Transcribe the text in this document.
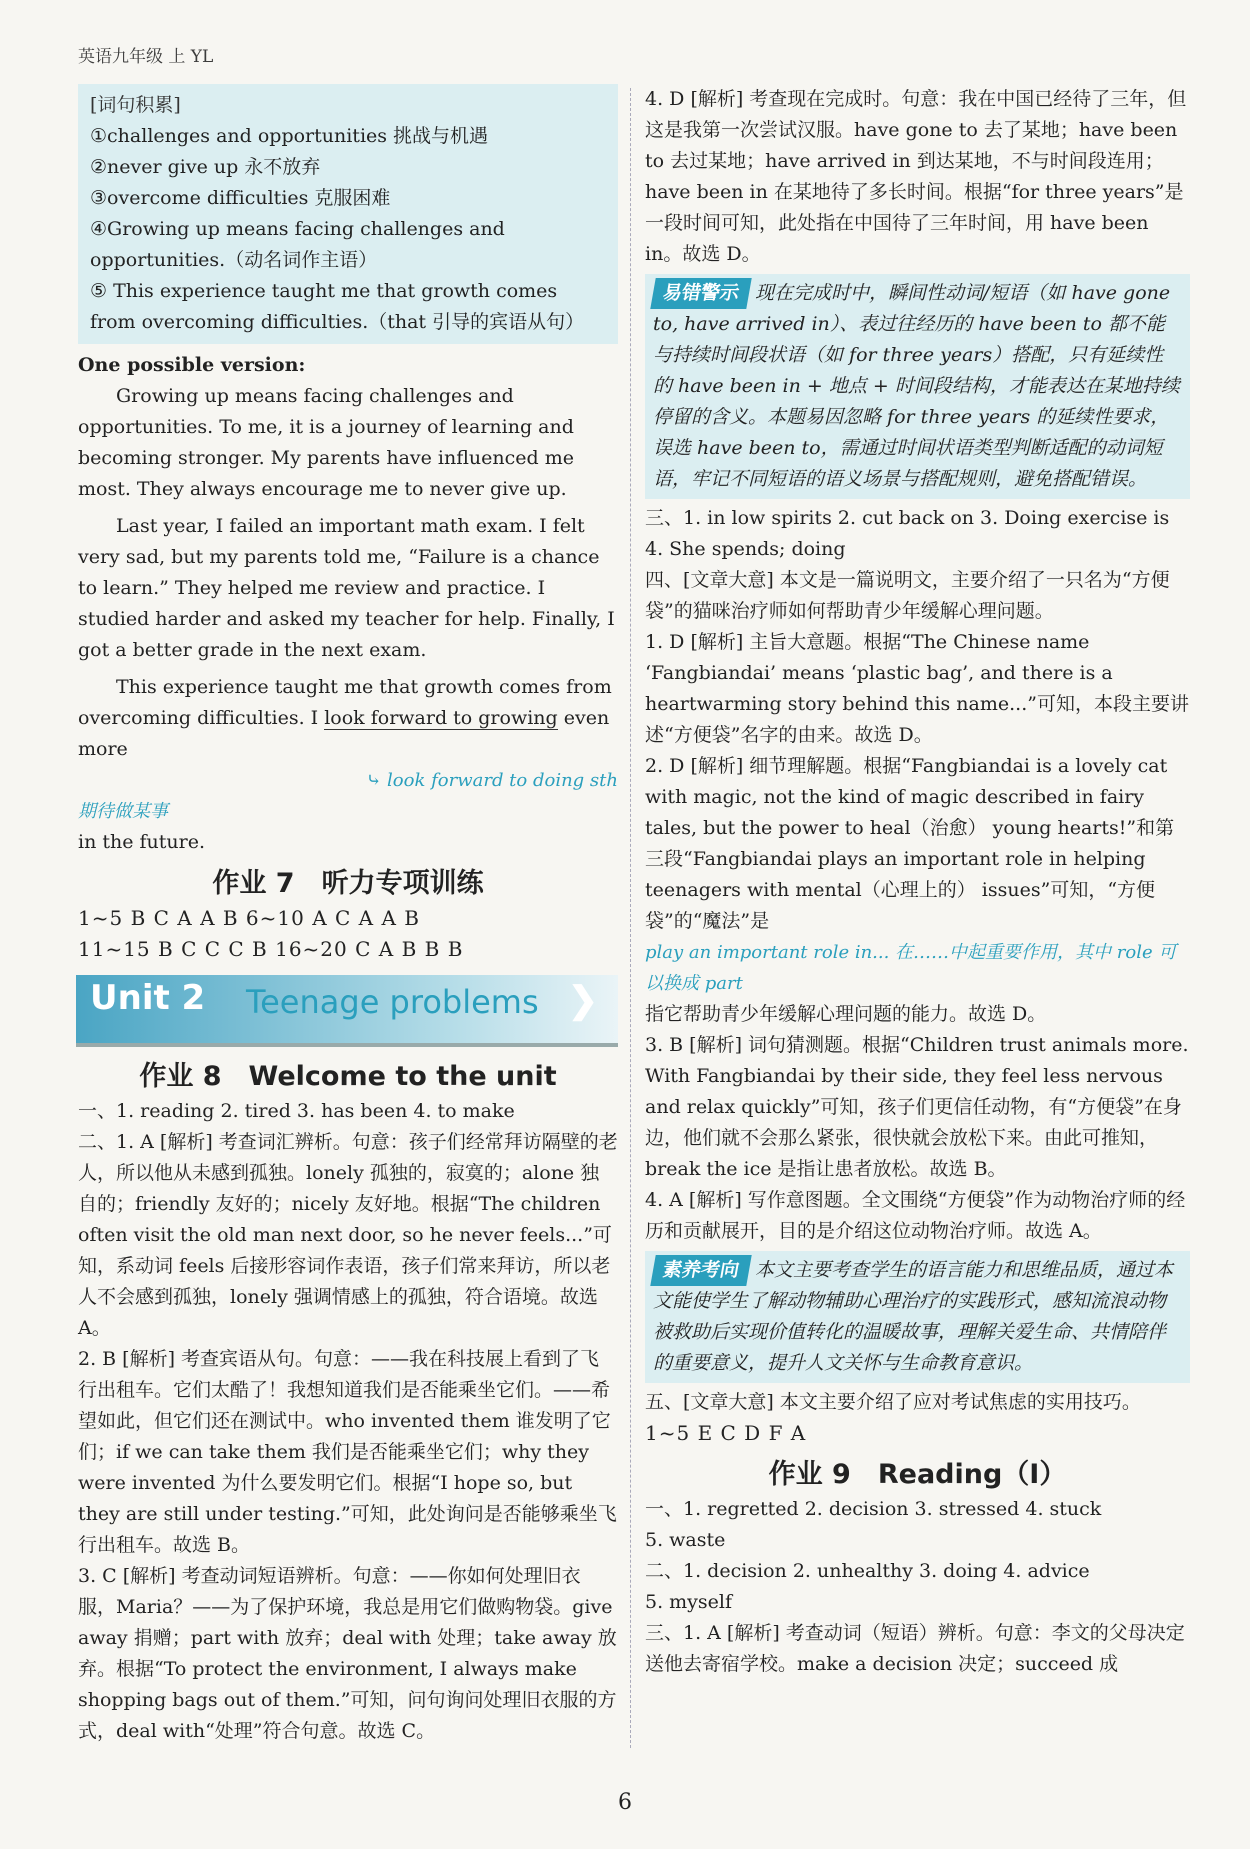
英语九年级 上 YL
[词句积累]
①challenges and opportunities 挑战与机遇
②never give up 永不放弃
③overcome difficulties 克服困难
④Growing up means facing challenges and opportunities.（动名词作主语）
⑤ This experience taught me that growth comes from overcoming difficulties.（that 引导的宾语从句）
One possible version:
Growing up means facing challenges and opportunities. To me, it is a journey of learning and becoming stronger. My parents have influenced me most. They always encourage me to never give up.
Last year, I failed an important math exam. I felt very sad, but my parents told me, “Failure is a chance to learn.” They helped me review and practice. I studied harder and asked my teacher for help. Finally, I got a better grade in the next exam.
This experience taught me that growth comes from overcoming difficulties. I look forward to growing even more
⤷ look forward to doing sth
期待做某事
in the future.
作业 7　听力专项训练
1~5 B C A A B 6~10 A C A A B
11~15 B C C C B 16~20 C A B B B
Unit 2 Teenage problems ❯
作业 8　Welcome to the unit
一、1. reading 2. tired 3. has been 4. to make
二、1. A [解析] 考查词汇辨析。句意：孩子们经常拜访隔壁的老人，所以他从未感到孤独。lonely 孤独的，寂寞的；alone 独自的；friendly 友好的；nicely 友好地。根据“The children often visit the old man next door, so he never feels...”可知，系动词 feels 后接形容词作表语，孩子们常来拜访，所以老人不会感到孤独，lonely 强调情感上的孤独，符合语境。故选 A。
2. B [解析] 考查宾语从句。句意：——我在科技展上看到了飞行出租车。它们太酷了！我想知道我们是否能乘坐它们。——希望如此，但它们还在测试中。who invented them 谁发明了它们；if we can take them 我们是否能乘坐它们；why they were invented 为什么要发明它们。根据“I hope so, but they are still under testing.”可知，此处询问是否能够乘坐飞行出租车。故选 B。
3. C [解析] 考查动词短语辨析。句意：——你如何处理旧衣服，Maria？——为了保护环境，我总是用它们做购物袋。give away 捐赠；part with 放弃；deal with 处理；take away 放弃。根据“To protect the environment, I always make shopping bags out of them.”可知，问句询问处理旧衣服的方式，deal with“处理”符合句意。故选 C。
4. D [解析] 考查现在完成时。句意：我在中国已经待了三年，但这是我第一次尝试汉服。have gone to 去了某地；have been to 去过某地；have arrived in 到达某地，不与时间段连用；have been in 在某地待了多长时间。根据“for three years”是一段时间可知，此处指在中国待了三年时间，用 have been in。故选 D。
易错警示 现在完成时中，瞬间性动词/短语（如 have gone to, have arrived in）、表过往经历的 have been to 都不能与持续时间段状语（如 for three years）搭配，只有延续性的 have been in + 地点 + 时间段结构，才能表达在某地持续停留的含义。本题易因忽略 for three years 的延续性要求，误选 have been to，需通过时间状语类型判断适配的动词短语，牢记不同短语的语义场景与搭配规则，避免搭配错误。
三、1. in low spirits 2. cut back on 3. Doing exercise is
4. She spends; doing
四、[文章大意] 本文是一篇说明文，主要介绍了一只名为“方便袋”的猫咪治疗师如何帮助青少年缓解心理问题。
1. D [解析] 主旨大意题。根据“The Chinese name ‘Fangbiandai’ means ‘plastic bag’, and there is a heartwarming story behind this name...”可知，本段主要讲述“方便袋”名字的由来。故选 D。
2. D [解析] 细节理解题。根据“Fangbiandai is a lovely cat with magic, not the kind of magic described in fairy tales, but the power to heal（治愈） young hearts!”和第三段“Fangbiandai plays an important role in helping teenagers with mental（心理上的） issues”可知，“方便袋”的“魔法”是
play an important role in... 在……中起重要作用，其中 role 可以换成 part
指它帮助青少年缓解心理问题的能力。故选 D。
3. B [解析] 词句猜测题。根据“Children trust animals more. With Fangbiandai by their side, they feel less nervous and relax quickly”可知，孩子们更信任动物，有“方便袋”在身边，他们就不会那么紧张，很快就会放松下来。由此可推知，break the ice 是指让患者放松。故选 B。
4. A [解析] 写作意图题。全文围绕“方便袋”作为动物治疗师的经历和贡献展开，目的是介绍这位动物治疗师。故选 A。
素养考向 本文主要考查学生的语言能力和思维品质，通过本文能使学生了解动物辅助心理治疗的实践形式，感知流浪动物被救助后实现价值转化的温暖故事，理解关爱生命、共情陪伴的重要意义，提升人文关怀与生命教育意识。
五、[文章大意] 本文主要介绍了应对考试焦虑的实用技巧。
1~5 E C D F A
作业 9　Reading（Ⅰ）
一、1. regretted 2. decision 3. stressed 4. stuck
5. waste
二、1. decision 2. unhealthy 3. doing 4. advice
5. myself
三、1. A [解析] 考查动词（短语）辨析。句意：李文的父母决定送他去寄宿学校。make a decision 决定；succeed 成
6
